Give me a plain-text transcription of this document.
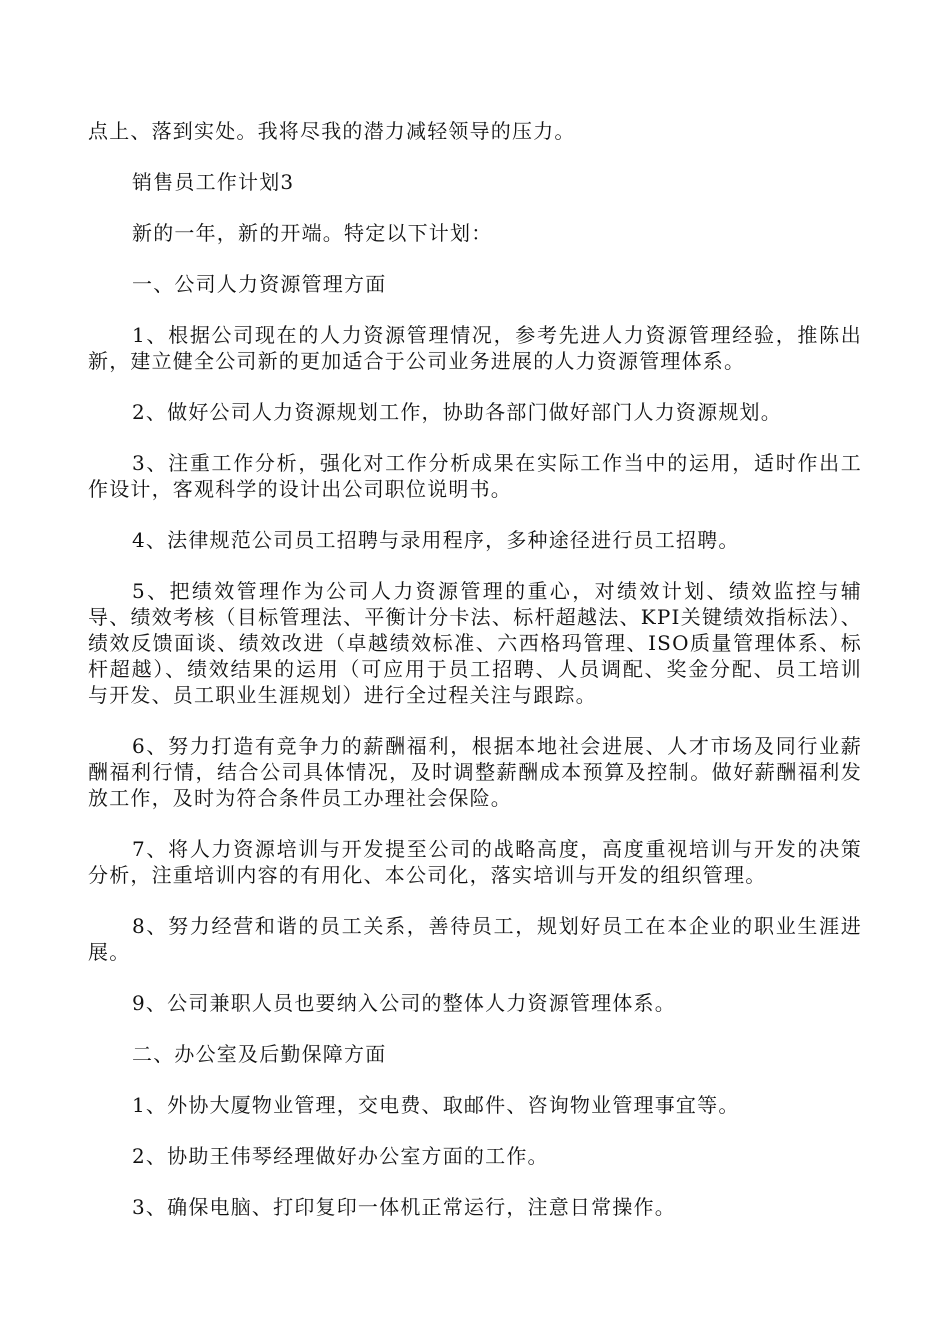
点上、落到实处。我将尽我的潜力减轻领导的压力。

销售员工作计划3

新的一年，新的开端。特定以下计划：

一、公司人力资源管理方面

1、根据公司现在的人力资源管理情况，参考先进人力资源管理经验，推陈出新，建立健全公司新的更加适合于公司业务进展的人力资源管理体系。

2、做好公司人力资源规划工作，协助各部门做好部门人力资源规划。

3、注重工作分析，强化对工作分析成果在实际工作当中的运用，适时作出工作设计，客观科学的设计出公司职位说明书。

4、法律规范公司员工招聘与录用程序，多种途径进行员工招聘。

5、把绩效管理作为公司人力资源管理的重心，对绩效计划、绩效监控与辅导、绩效考核（目标管理法、平衡计分卡法、标杆超越法、KPI关键绩效指标法）、绩效反馈面谈、绩效改进（卓越绩效标准、六西格玛管理、ISO质量管理体系、标杆超越）、绩效结果的运用（可应用于员工招聘、人员调配、奖金分配、员工培训与开发、员工职业生涯规划）进行全过程关注与跟踪。

6、努力打造有竞争力的薪酬福利，根据本地社会进展、人才市场及同行业薪酬福利行情，结合公司具体情况，及时调整薪酬成本预算及控制。做好薪酬福利发放工作，及时为符合条件员工办理社会保险。

7、将人力资源培训与开发提至公司的战略高度，高度重视培训与开发的决策分析，注重培训内容的有用化、本公司化，落实培训与开发的组织管理。

8、努力经营和谐的员工关系，善待员工，规划好员工在本企业的职业生涯进展。

9、公司兼职人员也要纳入公司的整体人力资源管理体系。

二、办公室及后勤保障方面

1、外协大厦物业管理，交电费、取邮件、咨询物业管理事宜等。

2、协助王伟琴经理做好办公室方面的工作。

3、确保电脑、打印复印一体机正常运行，注意日常操作。
